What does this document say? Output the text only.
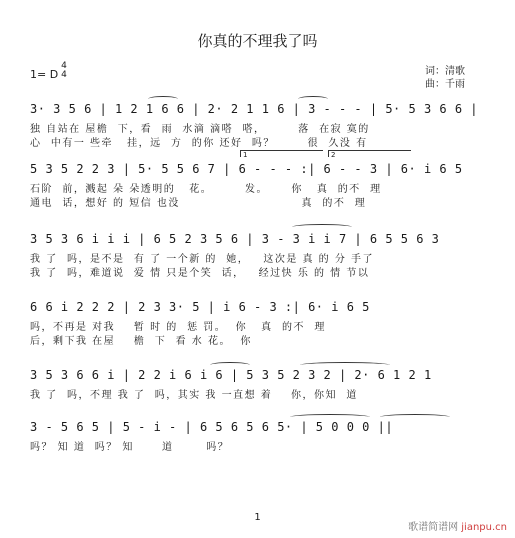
你真的不理我了吗
词：清歌
曲：千雨
1= D
4
4
3· 3 5 6 | 1 2 1 6 6 | 2· 2 1 1 6 | 3 - - - | 5· 5 3 6 6 |
独 自站在 屋檐  下，看  雨  水滴 滴嗒  嗒，       落  在寂 寞的
心  中有一 些牵   挂，远  方  的你 还好  吗？       很  久没 有
1	2
5 3 5 2 2 3 | 5· 5 5 6 7 | 6 - - - :| 6 - - 3 | 6· i 6 5
石阶  前，溅起 朵 朵透明的   花。       发。     你   真  的不  理
通电  话，想好 的 短信 也没                          真  的不  理
3 5 3 6 i i i | 6 5 2 3 5 6 | 3 - 3 i i 7 | 6 5 5 6 3
我 了  吗，是不是  有 了 一个新 的  她，   这次是 真 的 分 手了
我 了  吗，难道说  爱 情 只是个笑  话，   经过快 乐 的 情 节以
6 6 i 2 2 2 | 2 3 3· 5 | i 6 - 3 :| 6· i 6 5
吗，不再是 对我    暂 时 的  惩 罚。  你   真  的不  理
后，剩下我 在屋    檐  下  看 水 花。  你
3 5 3 6 6 i | 2 2 i 6 i 6 | 5 3 5 2 3 2 | 2· 6 1 2 1
我 了  吗，不理 我 了  吗，其实 我 一直想 着    你，你知  道
3 - 5 6 5 | 5 - i - | 6 5 6 5 6 5· | 5 0 0 0 ||
吗？ 知 道  吗？ 知      道       吗？
1
歌谱简谱网 jianpu.cn
